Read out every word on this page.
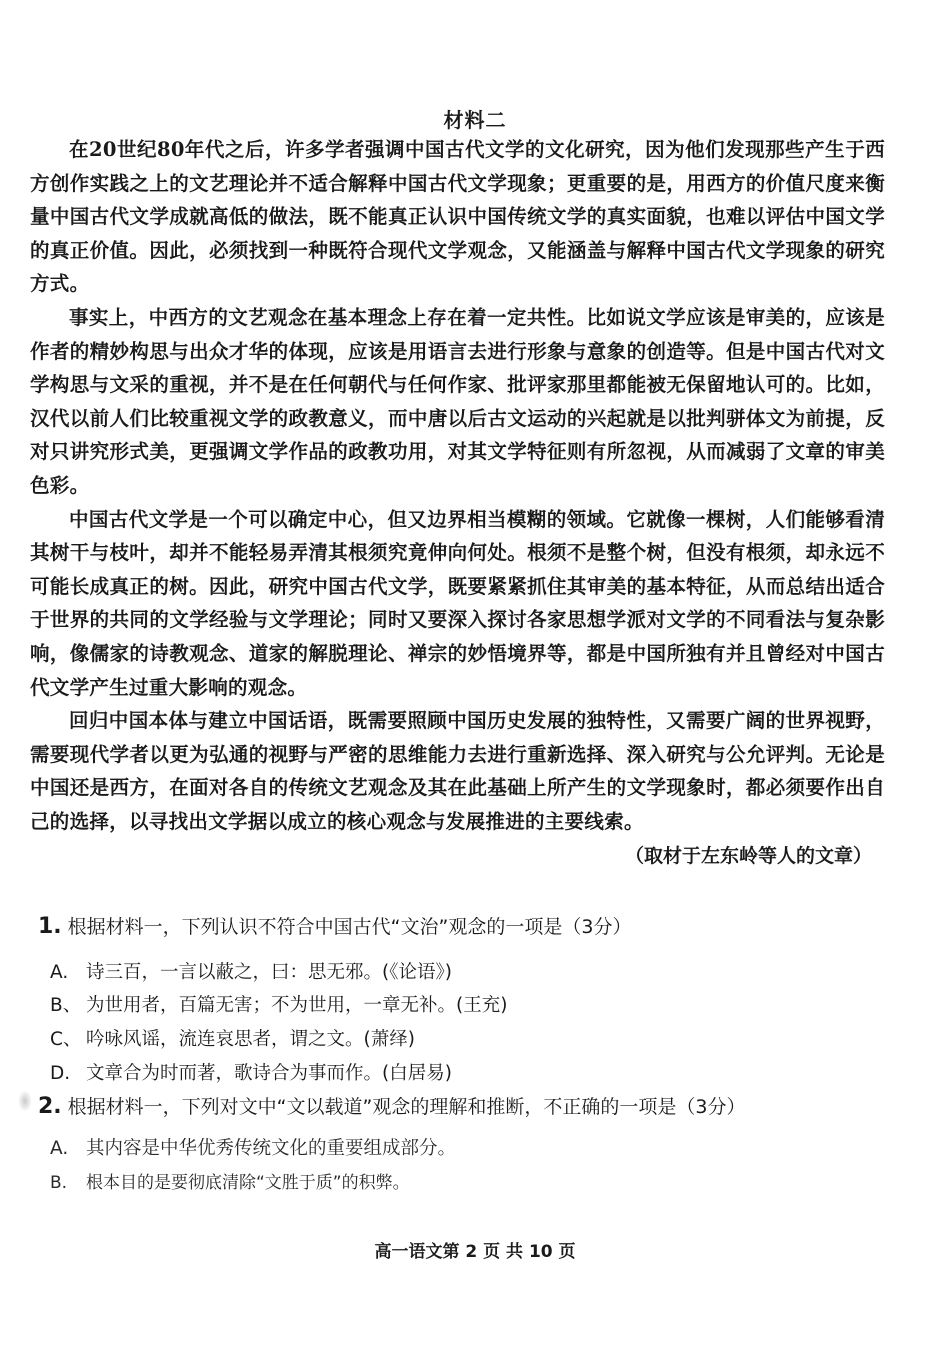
材料二

在20世纪80年代之后，许多学者强调中国古代文学的文化研究，因为他们发现那些产生于西方创作实践之上的文艺理论并不适合解释中国古代文学现象；更重要的是，用西方的价值尺度来衡量中国古代文学成就高低的做法，既不能真正认识中国传统文学的真实面貌，也难以评估中国文学的真正价值。因此，必须找到一种既符合现代文学观念，又能涵盖与解释中国古代文学现象的研究方式。

事实上，中西方的文艺观念在基本理念上存在着一定共性。比如说文学应该是审美的，应该是作者的精妙构思与出众才华的体现，应该是用语言去进行形象与意象的创造等。但是中国古代对文学构思与文采的重视，并不是在任何朝代与任何作家、批评家那里都能被无保留地认可的。比如，汉代以前人们比较重视文学的政教意义，而中唐以后古文运动的兴起就是以批判骈体文为前提，反对只讲究形式美，更强调文学作品的政教功用，对其文学特征则有所忽视，从而减弱了文章的审美色彩。

中国古代文学是一个可以确定中心，但又边界相当模糊的领域。它就像一棵树，人们能够看清其树干与枝叶，却并不能轻易弄清其根须究竟伸向何处。根须不是整个树，但没有根须，却永远不可能长成真正的树。因此，研究中国古代文学，既要紧紧抓住其审美的基本特征，从而总结出适合于世界的共同的文学经验与文学理论；同时又要深入探讨各家思想学派对文学的不同看法与复杂影响，像儒家的诗教观念、道家的解脱理论、禅宗的妙悟境界等，都是中国所独有并且曾经对中国古代文学产生过重大影响的观念。

回归中国本体与建立中国话语，既需要照顾中国历史发展的独特性，又需要广阔的世界视野，需要现代学者以更为弘通的视野与严密的思维能力去进行重新选择、深入研究与公允评判。无论是中国还是西方，在面对各自的传统文艺观念及其在此基础上所产生的文学现象时，都必须要作出自己的选择，以寻找出文学据以成立的核心观念与发展推进的主要线索。

（取材于左东岭等人的文章）
1. 根据材料一，下列认识不符合中国古代“文治”观念的一项是（3分）
A. 诗三百，一言以蔽之，曰：思无邪。(《论语》)
B、 为世用者，百篇无害；不为世用，一章无补。(王充)
C、 吟咏风谣，流连哀思者，谓之文。(萧绎)
D. 文章合为时而著，歌诗合为事而作。(白居易)
2. 根据材料一，下列对文中“文以载道”观念的理解和推断，不正确的一项是（3分）
A. 其内容是中华优秀传统文化的重要组成部分。
B. 根本目的是要彻底清除“文胜于质”的积弊。
高一语文第 2 页 共 10 页
